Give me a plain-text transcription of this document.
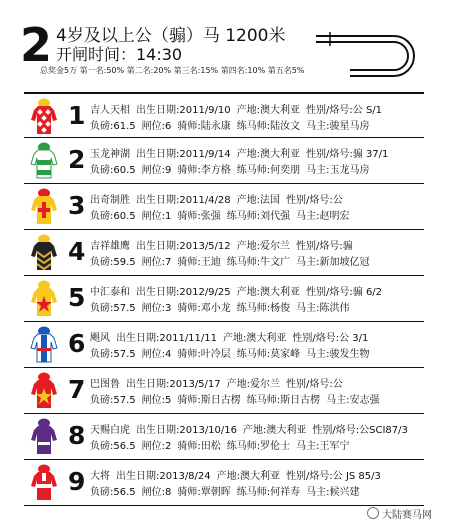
2 4岁及以上公（骟）马 1200米
开闸时间：14:30
总奖金5万 第一名:50% 第二名:20% 第三名:15% 第四名:10% 第五名5%
1 吉人天相 出生日期:2011/9/10 产地:澳大利亚 性别/烙号:公 S/1
负磅:61.5 闸位:6 骑师:陆永康 练马师:陆汝文 马主:骏星马房
2 玉龙神湖 出生日期:2011/9/14 产地:澳大利亚 性别/烙号:骟 37/1
负磅:60.5 闸位:9 骑师:李方格 练马师:何奕朋 马主:玉龙马房
3 出奇制胜 出生日期:2011/4/28 产地:法国 性别/烙号:公
负磅:60.5 闸位:1 骑师:张强 练马师:刘代强 马主:赵明宏
4 吉祥雄鹰 出生日期:2013/5/12 产地:爱尔兰 性别/烙号:骟
负磅:59.5 闸位:7 骑师:王迪 练马师:牛文广 马主:新加坡亿冠
5 中汇泰和 出生日期:2012/9/25 产地:澳大利亚 性别/烙号:骟 6/2
负磅:57.5 闸位:3 骑师:邓小龙 练马师:杨俊 马主:陈洪伟
6 飓风 出生日期:2011/11/11 产地:澳大利亚 性别/烙号:公 3/1
负磅:57.5 闸位:4 骑师:叶冷层 练马师:莫家峰 马主:骏发生物
7 巴图鲁 出生日期:2013/5/17 产地:爱尔兰 性别/烙号:公
负磅:57.5 闸位:5 骑师:斯日古楞 练马师:斯日古楞 马主:安志强
8 天赐白虎 出生日期:2013/10/16 产地:澳大利亚 性别/烙号:公SCI87/3
负磅:56.5 闸位:2 骑师:田松 练马师:罗伦士 马主:王军宁
9 大将 出生日期:2013/8/24 产地:澳大利亚 性别/烙号:公 JS 85/3
负磅:56.5 闸位:8 骑师:覃朝晖 练马师:何祥寿 马主:候兴建
大陆赛马网
